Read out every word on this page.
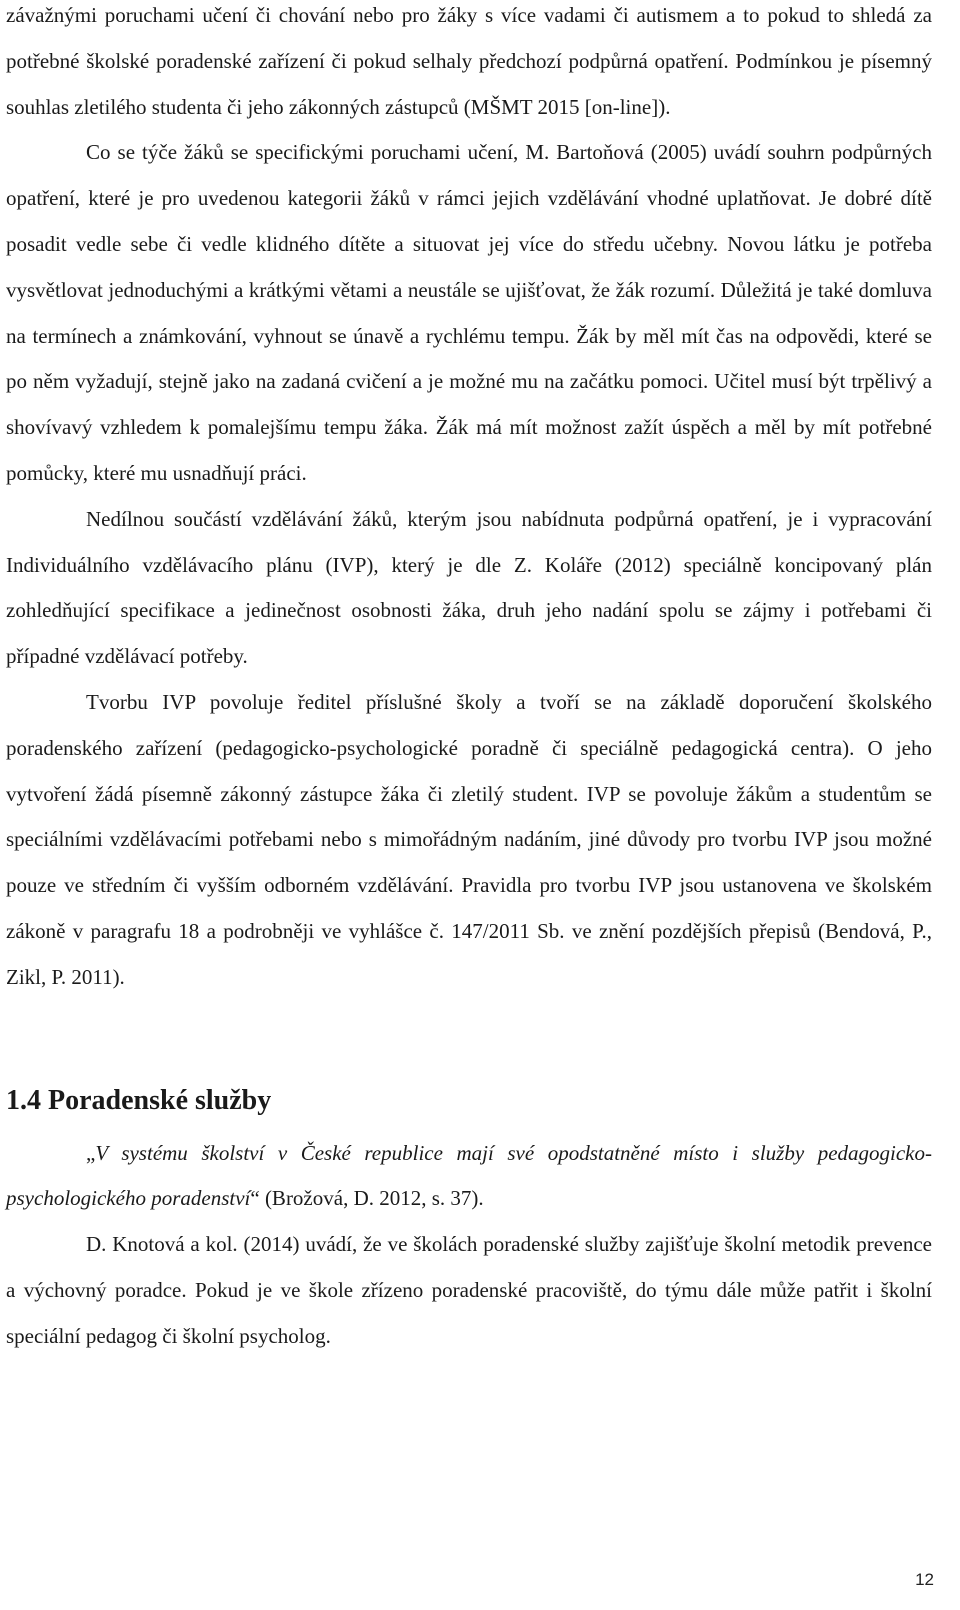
závažnými poruchami učení či chování nebo pro žáky s více vadami či autismem a to pokud to shledá za potřebné školské poradenské zařízení či pokud selhaly předchozí podpůrná opatření. Podmínkou je písemný souhlas zletilého studenta či jeho zákonných zástupců (MŠMT 2015 [on-line]).

Co se týče žáků se specifickými poruchami učení, M. Bartoňová (2005) uvádí souhrn podpůrných opatření, které je pro uvedenou kategorii žáků v rámci jejich vzdělávání vhodné uplatňovat. Je dobré dítě posadit vedle sebe či vedle klidného dítěte a situovat jej více do středu učebny. Novou látku je potřeba vysvětlovat jednoduchými a krátkými větami a neustále se ujišťovat, že žák rozumí. Důležitá je také domluva na termínech a známkování, vyhnout se únavě a rychlému tempu. Žák by měl mít čas na odpovědi, které se po něm vyžadují, stejně jako na zadaná cvičení a je možné mu na začátku pomoci. Učitel musí být trpělivý a shovívavý vzhledem k pomalejšímu tempu žáka. Žák má mít možnost zažít úspěch a měl by mít potřebné pomůcky, které mu usnadňují práci.

Nedílnou součástí vzdělávání žáků, kterým jsou nabídnuta podpůrná opatření, je i vypracování Individuálního vzdělávacího plánu (IVP), který je dle Z. Koláře (2012) speciálně koncipovaný plán zohledňující specifikace a jedinečnost osobnosti žáka, druh jeho nadání spolu se zájmy i potřebami či případné vzdělávací potřeby.

Tvorbu IVP povoluje ředitel příslušné školy a tvoří se na základě doporučení školského poradenského zařízení (pedagogicko-psychologické poradně či speciálně pedagogická centra). O jeho vytvoření žádá písemně zákonný zástupce žáka či zletilý student. IVP se povoluje žákům a studentům se speciálními vzdělávacími potřebami nebo s mimořádným nadáním, jiné důvody pro tvorbu IVP jsou možné pouze ve středním či vyšším odborném vzdělávání. Pravidla pro tvorbu IVP jsou ustanovena ve školském zákoně v paragrafu 18 a podrobněji ve vyhlášce č. 147/2011 Sb. ve znění pozdějších přepisů (Bendová, P., Zikl, P. 2011).

1.4 Poradenské služby

„V systému školství v České republice mají své opodstatněné místo i služby pedagogicko-psychologického poradenství“ (Brožová, D. 2012, s. 37).

D. Knotová a kol. (2014) uvádí, že ve školách poradenské služby zajišťuje školní metodik prevence a výchovný poradce. Pokud je ve škole zřízeno poradenské pracoviště, do týmu dále může patřit i školní speciální pedagog či školní psycholog.

12
